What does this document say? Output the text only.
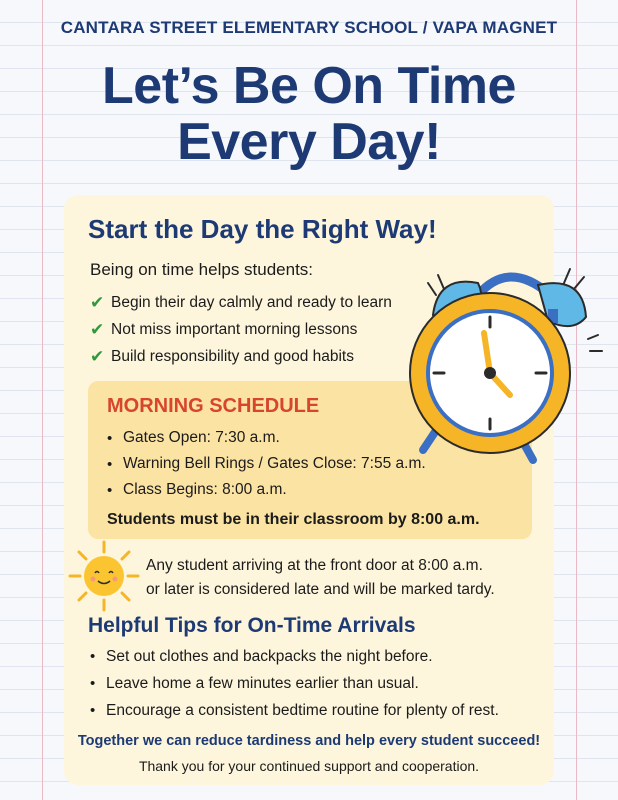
CANTARA STREET ELEMENTARY SCHOOL / VAPA MAGNET
Let’s Be On Time
Every Day!
Start the Day the Right Way!
Being on time helps students:
✔ Begin their day calmly and ready to learn
✔ Not miss important morning lessons
✔ Build responsibility and good habits
MORNING SCHEDULE
• Gates Open: 7:30 a.m.
• Warning Bell Rings / Gates Close: 7:55 a.m.
• Class Begins: 8:00 a.m.
Students must be in their classroom by 8:00 a.m.
Any student arriving at the front door at 8:00 a.m.
or later is considered late and will be marked tardy.
Helpful Tips for On-Time Arrivals
• Set out clothes and backpacks the night before.
• Leave home a few minutes earlier than usual.
• Encourage a consistent bedtime routine for plenty of rest.
Together we can reduce tardiness and help every student succeed!
Thank you for your continued support and cooperation.
